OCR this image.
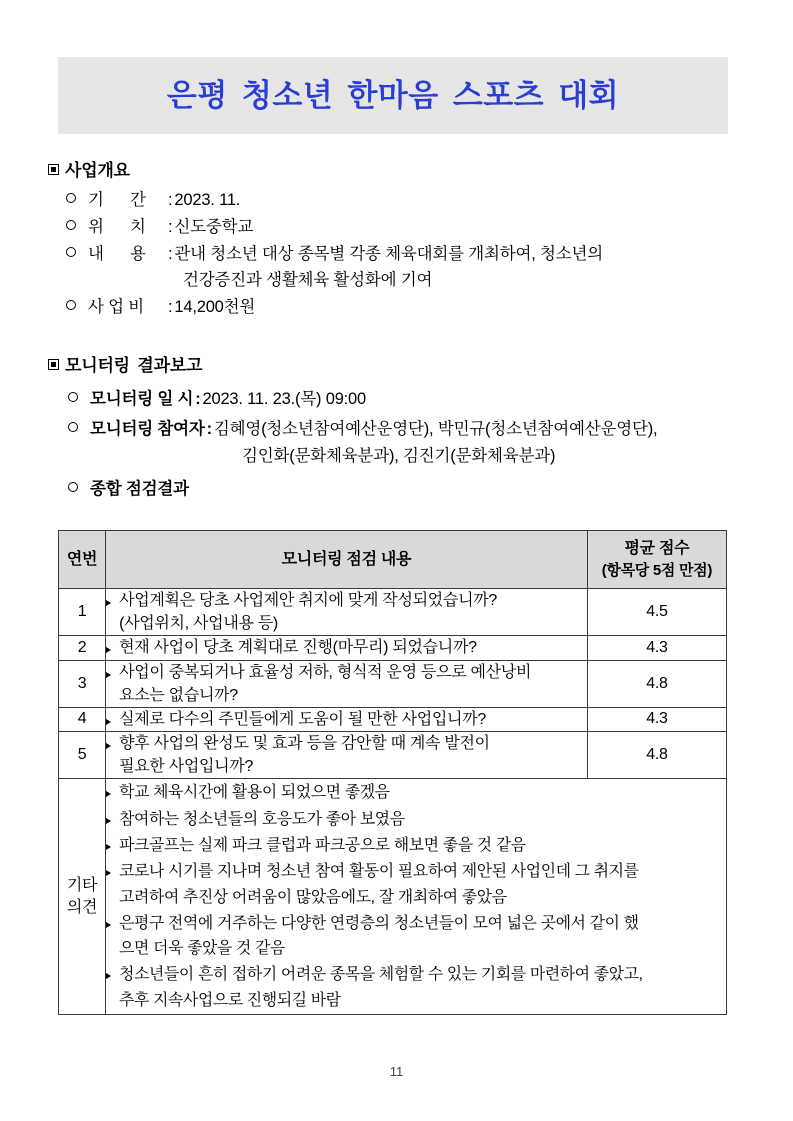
은평 청소년 한마음 스포츠 대회
사업개요
기      간 : 2023. 11.
위      치 : 신도중학교
내      용 : 관내 청소년 대상 종목별 각종 체육대회를 개최하여, 청소년의
건강증진과 생활체육 활성화에 기여
사 업 비 : 14,200천원
모니터링 결과보고
모니터링 일 시 : 2023. 11. 23.(목) 09:00
모니터링 참여자 : 김혜영(청소년참여예산운영단), 박민규(청소년참여예산운영단),
김인화(문화체육분과), 김진기(문화체육분과)
종합 점검결과
연번	모니터링 점검 내용	평균 점수
(항목당 5점 만점)

1	사업계획은 당초 사업제안 취지에 맞게 작성되었습니까?
(사업위치, 사업내용 등)	4.5
2	현재 사업이 당초 계획대로 진행(마무리) 되었습니까?	4.3
3	사업이 중복되거나 효율성 저하, 형식적 운영 등으로 예산낭비
요소는 없습니까?	4.8
4	실제로 다수의 주민들에게 도움이 될 만한 사업입니까?	4.3
5	향후 사업의 완성도 및 효과 등을 감안할 때 계속 발전이
필요한 사업입니까?	4.8
기타
의견	
학교 체육시간에 활용이 되었으면 좋겠음
참여하는 청소년들의 호응도가 좋아 보였음
파크골프는 실제 파크 클럽과 파크공으로 해보면 좋을 것 같음
코로나 시기를 지나며 청소년 참여 활동이 필요하여 제안된 사업인데 그 취지를
고려하여 추진상 어려움이 많았음에도, 잘 개최하여 좋았음
은평구 전역에 거주하는 다양한 연령층의 청소년들이 모여 넓은 곳에서 같이 했
으면 더욱 좋았을 것 같음
청소년들이 흔히 접하기 어려운 종목을 체험할 수 있는 기회를 마련하여 좋았고,
추후 지속사업으로 진행되길 바람
11
